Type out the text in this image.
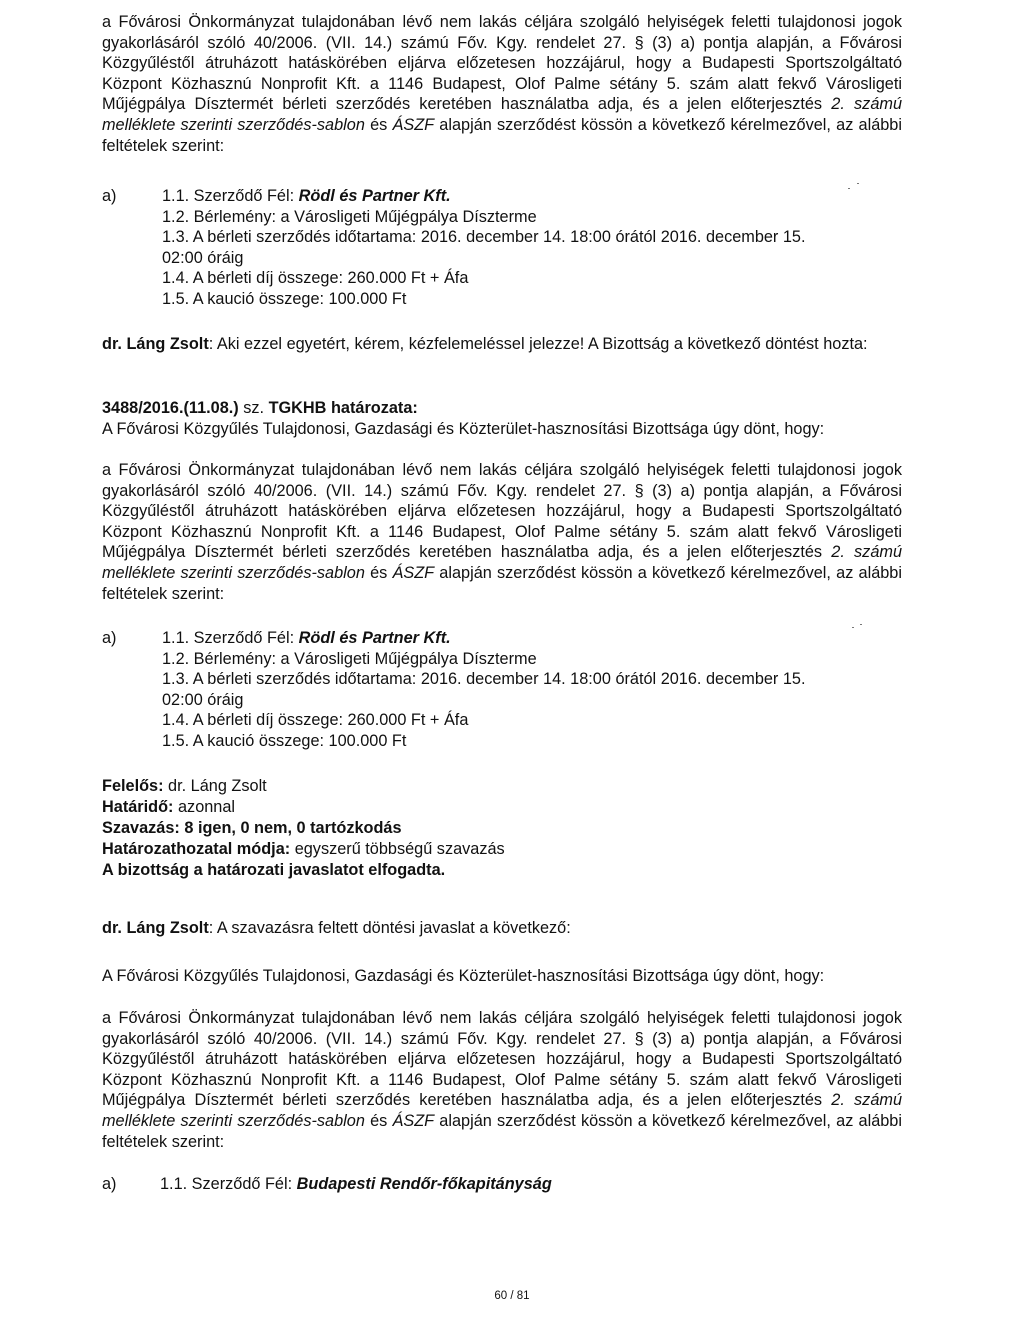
a Fővárosi Önkormányzat tulajdonában lévő nem lakás céljára szolgáló helyiségek feletti tulajdonosi jogok gyakorlásáról szóló 40/2006. (VII. 14.) számú Főv. Kgy. rendelet 27. § (3) a) pontja alapján, a Fővárosi Közgyűléstől átruházott hatáskörében eljárva előzetesen hozzájárul, hogy a Budapesti Sportszolgáltató Központ Közhasznú Nonprofit Kft. a 1146 Budapest, Olof Palme sétány 5. szám alatt fekvő Városligeti Műjégpálya Dísztermét bérleti szerződés keretében használatba adja, és a jelen előterjesztés 2. számú melléklete szerinti szerződés-sablon és ÁSZF alapján szerződést kössön a következő kérelmezővel, az alábbi feltételek szerint:
a)	1.1. Szerződő Fél: Rödl és Partner Kft.
1.2. Bérlemény: a Városligeti Műjégpálya Díszterme
1.3. A bérleti szerződés időtartama: 2016. december 14. 18:00 órától 2016. december 15.
02:00 óráig
1.4. A bérleti díj összege: 260.000 Ft + Áfa
1.5. A kaució összege: 100.000 Ft
dr. Láng Zsolt: Aki ezzel egyetért, kérem, kézfelemeléssel jelezze! A Bizottság a következő döntést hozta:
3488/2016.(11.08.) sz. TGKHB határozata:
A Fővárosi Közgyűlés Tulajdonosi, Gazdasági és Közterület-hasznosítási Bizottsága úgy dönt, hogy:
a Fővárosi Önkormányzat tulajdonában lévő nem lakás céljára szolgáló helyiségek feletti tulajdonosi jogok gyakorlásáról szóló 40/2006. (VII. 14.) számú Főv. Kgy. rendelet 27. § (3) a) pontja alapján, a Fővárosi Közgyűléstől átruházott hatáskörében eljárva előzetesen hozzájárul, hogy a Budapesti Sportszolgáltató Központ Közhasznú Nonprofit Kft. a 1146 Budapest, Olof Palme sétány 5. szám alatt fekvő Városligeti Műjégpálya Dísztermét bérleti szerződés keretében használatba adja, és a jelen előterjesztés 2. számú melléklete szerinti szerződés-sablon és ÁSZF alapján szerződést kössön a következő kérelmezővel, az alábbi feltételek szerint:
a)	1.1. Szerződő Fél: Rödl és Partner Kft.
1.2. Bérlemény: a Városligeti Műjégpálya Díszterme
1.3. A bérleti szerződés időtartama: 2016. december 14. 18:00 órától 2016. december 15.
02:00 óráig
1.4. A bérleti díj összege: 260.000 Ft + Áfa
1.5. A kaució összege: 100.000 Ft
Felelős: dr. Láng Zsolt
Határidő: azonnal
Szavazás: 8 igen, 0 nem, 0 tartózkodás
Határozathozatal módja: egyszerű többségű szavazás
A bizottság a határozati javaslatot elfogadta.
dr. Láng Zsolt: A szavazásra feltett döntési javaslat a következő:
A Fővárosi Közgyűlés Tulajdonosi, Gazdasági és Közterület-hasznosítási Bizottsága úgy dönt, hogy:
a Fővárosi Önkormányzat tulajdonában lévő nem lakás céljára szolgáló helyiségek feletti tulajdonosi jogok gyakorlásáról szóló 40/2006. (VII. 14.) számú Főv. Kgy. rendelet 27. § (3) a) pontja alapján, a Fővárosi Közgyűléstől átruházott hatáskörében eljárva előzetesen hozzájárul, hogy a Budapesti Sportszolgáltató Központ Közhasznú Nonprofit Kft. a 1146 Budapest, Olof Palme sétány 5. szám alatt fekvő Városligeti Műjégpálya Dísztermét bérleti szerződés keretében használatba adja, és a jelen előterjesztés 2. számú melléklete szerinti szerződés-sablon és ÁSZF alapján szerződést kössön a következő kérelmezővel, az alábbi feltételek szerint:
a)	1.1. Szerződő Fél: Budapesti Rendőr-főkapitányság
60 / 81
